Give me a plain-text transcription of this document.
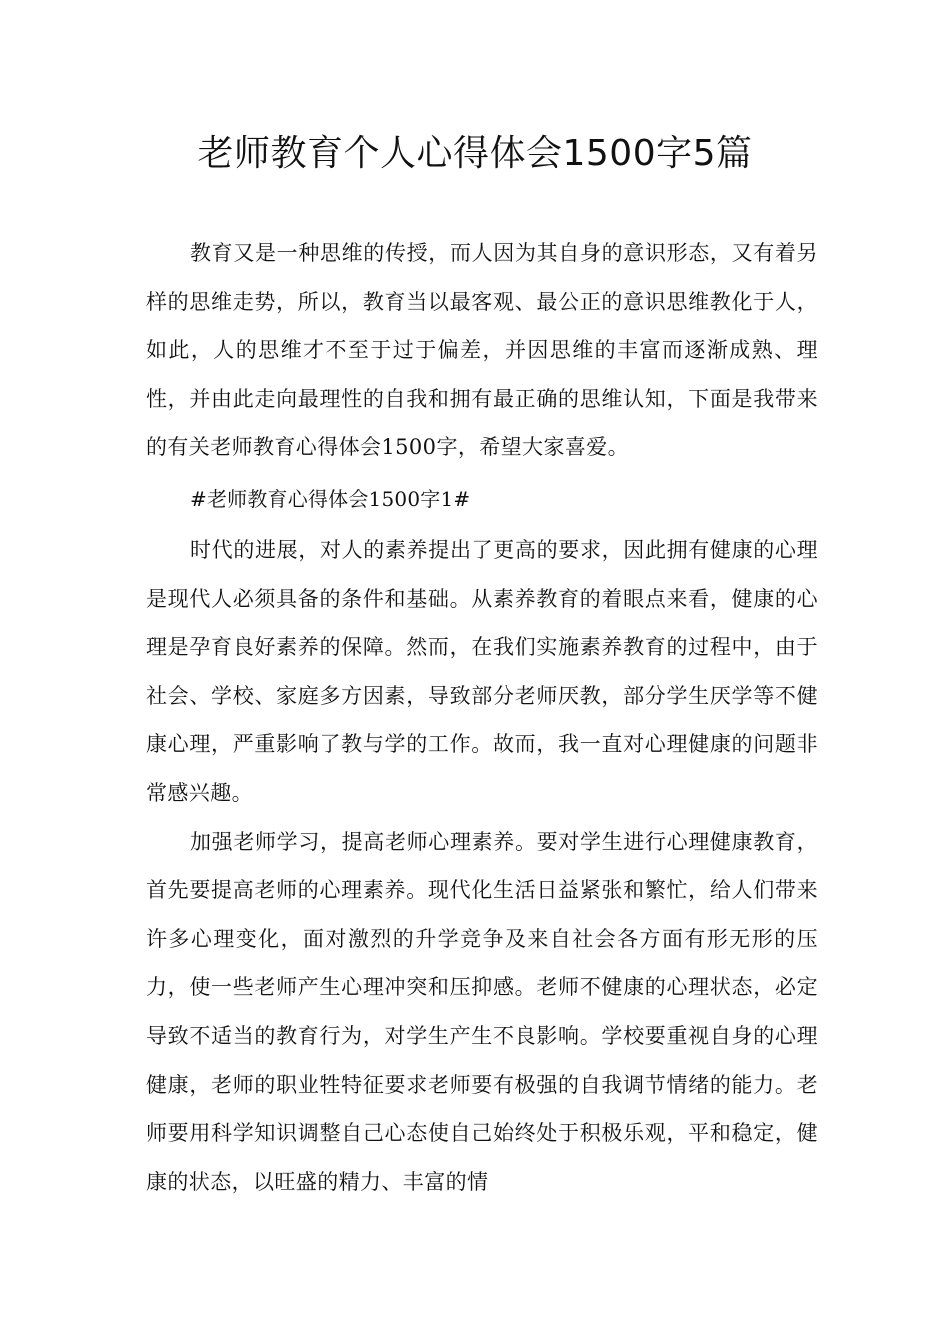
老师教育个人心得体会1500字5篇

教育又是一种思维的传授，而人因为其自身的意识形态，又有着另样的思维走势，所以，教育当以最客观、最公正的意识思维教化于人，如此，人的思维才不至于过于偏差，并因思维的丰富而逐渐成熟、理性，并由此走向最理性的自我和拥有最正确的思维认知，下面是我带来的有关老师教育心得体会1500字，希望大家喜爱。

#老师教育心得体会1500字1#

时代的进展，对人的素养提出了更高的要求，因此拥有健康的心理是现代人必须具备的条件和基础。从素养教育的着眼点来看，健康的心理是孕育良好素养的保障。然而，在我们实施素养教育的过程中，由于社会、学校、家庭多方因素，导致部分老师厌教，部分学生厌学等不健康心理，严重影响了教与学的工作。故而，我一直对心理健康的问题非常感兴趣。

加强老师学习，提高老师心理素养。要对学生进行心理健康教育，首先要提高老师的心理素养。现代化生活日益紧张和繁忙，给人们带来许多心理变化，面对激烈的升学竞争及来自社会各方面有形无形的压力，使一些老师产生心理冲突和压抑感。老师不健康的心理状态，必定导致不适当的教育行为，对学生产生不良影响。学校要重视自身的心理健康，老师的职业牲特征要求老师要有极强的自我调节情绪的能力。老师要用科学知识调整自己心态使自己始终处于积极乐观，平和稳定，健康的状态，以旺盛的精力、丰富的情
